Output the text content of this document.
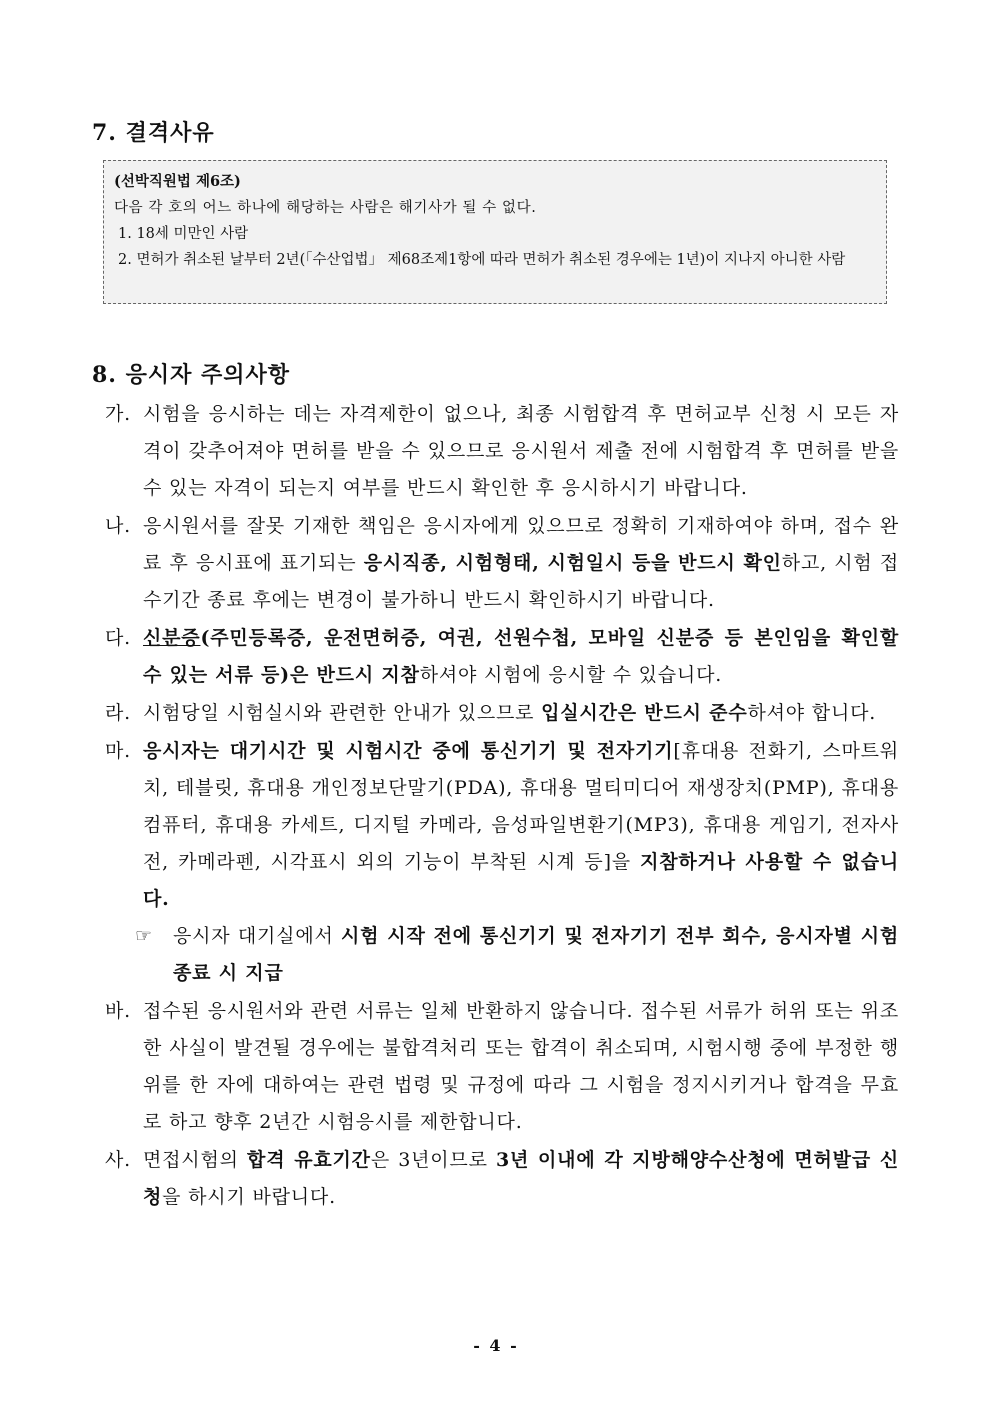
7. 결격사유
(선박직원법 제6조)
다음 각 호의 어느 하나에 해당하는 사람은 해기사가 될 수 없다.
1. 18세 미만인 사람
2. 면허가 취소된 날부터 2년(「수산업법」 제68조제1항에 따라 면허가 취소된 경우에는 1년)이 지나지 아니한 사람
8. 응시자 주의사항
가. 시험을 응시하는 데는 자격제한이 없으나, 최종 시험합격 후 면허교부 신청 시 모든 자격이 갖추어져야 면허를 받을 수 있으므로 응시원서 제출 전에 시험합격 후 면허를 받을 수 있는 자격이 되는지 여부를 반드시 확인한 후 응시하시기 바랍니다.
나. 응시원서를 잘못 기재한 책임은 응시자에게 있으므로 정확히 기재하여야 하며, 접수 완료 후 응시표에 표기되는 응시직종, 시험형태, 시험일시 등을 반드시 확인하고, 시험 접수기간 종료 후에는 변경이 불가하니 반드시 확인하시기 바랍니다.
다. 신분증(주민등록증, 운전면허증, 여권, 선원수첩, 모바일 신분증 등 본인임을 확인할 수 있는 서류 등)은 반드시 지참하셔야 시험에 응시할 수 있습니다.
라. 시험당일 시험실시와 관련한 안내가 있으므로 입실시간은 반드시 준수하셔야 합니다.
마. 응시자는 대기시간 및 시험시간 중에 통신기기 및 전자기기[휴대용 전화기, 스마트워치, 테블릿, 휴대용 개인정보단말기(PDA), 휴대용 멀티미디어 재생장치(PMP), 휴대용 컴퓨터, 휴대용 카세트, 디지털 카메라, 음성파일변환기(MP3), 휴대용 게임기, 전자사전, 카메라펜, 시각표시 외의 기능이 부착된 시계 등]을 지참하거나 사용할 수 없습니다.
☞ 응시자 대기실에서 시험 시작 전에 통신기기 및 전자기기 전부 회수, 응시자별 시험 종료 시 지급
바. 접수된 응시원서와 관련 서류는 일체 반환하지 않습니다. 접수된 서류가 허위 또는 위조한 사실이 발견될 경우에는 불합격처리 또는 합격이 취소되며, 시험시행 중에 부정한 행위를 한 자에 대하여는 관련 법령 및 규정에 따라 그 시험을 정지시키거나 합격을 무효로 하고 향후 2년간 시험응시를 제한합니다.
사. 면접시험의 합격 유효기간은 3년이므로 3년 이내에 각 지방해양수산청에 면허발급 신청을 하시기 바랍니다.
- 4 -
